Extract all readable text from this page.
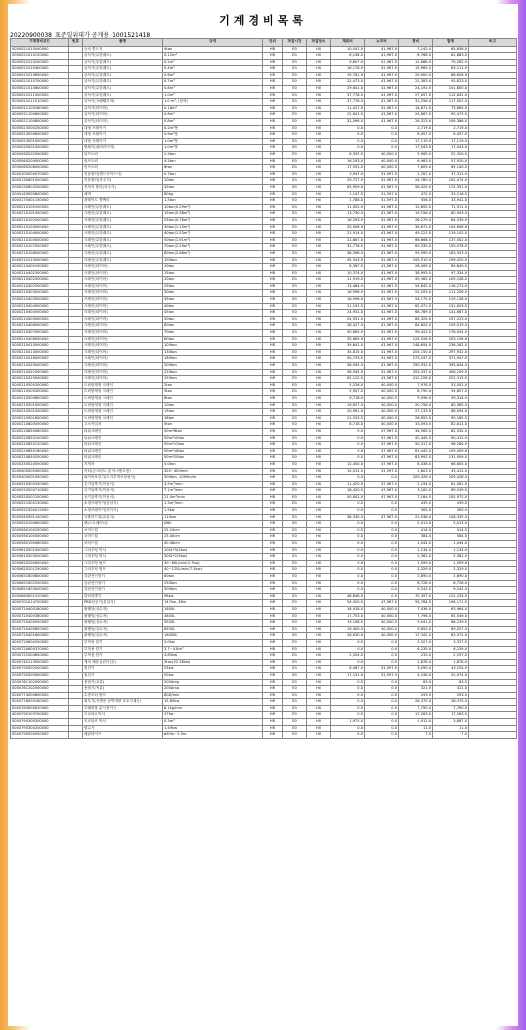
기계경비목록
20220900038_표준일위대가 공개용_1001521418
기계경비코드	번호	품명	규격	단위	작업시간	작업장소	재료비	노무비	경비	합계	비고
0000021010040000		승차 콜드지	4ton	HR	E0	H0	10,547.0	41,967.0	7,142.0	65,656.0	
0000021010120000		굴삭기(무한궤도)	0.12m³	HR	E0	H0	6,148.0	41,967.0	8,768.0	62,883.0	
0000021010200000		굴삭기(무한궤도)	0.2m³	HR	E0	H0	9,607.0	41,967.0	12,688.0	70,262.0	
0000021010400000		굴삭기(무한궤도)	0.4m³	HR	E0	H0	18,178.0	41,967.0	15,965.0	83,111.0	
0000021010600000		굴삭기(무한궤도)	0.6m³	HR	E0	H0	19,761.0	41,967.0	20,900.0	88,628.0	
0000021010700000		굴삭기(무한궤도)	0.7m³	HR	E0	H0	22,473.0	41,967.0	22,383.0	92,823.0	
0000021010800000		굴삭기(무한궤도)	0.8m³	HR	E0	H0	29,641.0	41,967.0	24,192.0	101,800.0	
0000021011000000		굴삭기(무한궤도)	1.0m³	HR	E0	H0	37,778.0	41,967.0	27,097.0	112,842.0	
0000021011010000		굴삭기(크램쉘부착)	1.0 m³, (장착)	HR	E0	H0	37,778.0	41,967.0	31,256.0	117,001.0	
0000021100180000		굴삭기(타이어)	0.18m³	HR	E0	H0	11,027.0	41,967.0	14,671.0	73,665.0	
0000021100600000		굴삭기(타이어)	0.6m³	HR	E0	H0	22,641.0	41,967.0	24,867.0	95,475.0	
0000021100800000		굴삭기(타이어)	0.8m³	HR	E0	H0	32,096.0	41,967.0	28,323.0	106,386.0	
0000023000200000		대형 브레이커	0.2m³용	HR	E0	H0	0.0	0.0	2,719.0	2,719.0	
0000023000600000		대형 브레이커	0.6m³용	HR	E0	H0	0.0	0.0	8,457.0	8,457.0	
0000023001000000		대형 브레이커	1.0m³용	HR	E0	H0	0.0	0.0	17,119.0	17,119.0	
0000025001000000		합쇄기(율버라이저)	1.0m³용	HR	E0	H0	0.0	0.0	17,043.0	17,043.0	
0000060202500000		덤프트럭	2.5ton	HR	E0	H0	6,355.0	40,000.0	5,965.0	52,320.0	
0000060204500000		덤프트럭	4.5ton	HR	E0	H0	16,293.0	40,000.0	6,963.0	57,920.0	
0000060206000000		덤프트럭	6ton	HR	E0	H0	17,531.0	40,000.0	7,609.0	65,140.0	
0000100500070000		진동롤러(핸드가이드식)	0.7ton	HR	E0	H0	3,947.0	31,597.0	1,767.0	37,311.0	
0000130601000000		진동롤러(자주식)	10ton	HR	E0	H0	29,727.0	41,967.0	24,780.0	102,474.0	
0000150603200000		전착식 롤러(자주식)	32ton	HR	E0	H0	65,959.0	41,967.0	58,425.0	172,351.0	
0000163000800000		래머	80kg	HR	E0	H0	1,147.0	31,597.0	472.0	33,216.0	
0000170001150000		플레이트 콤팩터	1.5ton	HR	E0	H0	1,788.0	31,597.0	556.0	33,941.0	
0000210100100000		크레인(무한궤도)	10ton(0.29m³)	HR	E0	H0	11,052.0	41,967.0	12,892.0	71,911.0	
0000210101500000		크레인(무한궤도)	15ton(0.38m³)	HR	E0	H0	13,730.0	41,967.0	19,156.0	80,943.0	
0000210102500000		크레인(무한궤도)	25ton(0.76m³)	HR	E0	H0	18,293.0	41,967.0	26,279.0	84,539.0	
0000210103000000		크레인(무한궤도)	30ton(1.15m³)	HR	E0	H0	20,008.0	41,967.0	36,671.0	104,646.0	
0000210104000000		크레인(무한궤도)	40ton(1.53m³)	HR	E0	H0	21,914.0	41,967.0	49,221.0	119,102.0	
0000210105000000		크레인(무한궤도)	50ton(1.91m³)	HR	E0	H0	22,867.0	41,967.0	66,668.0	137,502.0	
0000210107000000		크레인(무한궤도)	70ton(2.29m³)	HR	E0	H0	32,776.0	41,967.0	69,335.0	150,078.0	
0000210108000000		크레인(무한궤도)	80ton(2.68m³)	HR	E0	H0	36,396.0	41,967.0	95,990.0	183,353.0	
0000210110000000		크레인(무한궤도)	100ton	HR	E0	H0	45,543.0	41,967.0	105,510.0	199,020.0	
0000210400100000		크레인(타이어)	10ton	HR	E0	H0	8,387.0	41,967.0	28,495.0	84,849.0	
0000210401500000		크레인(타이어)	15ton	HR	E0	H0	10,374.0	41,967.0	38,993.0	97,334.0	
0000210402000000		크레인(타이어)	20ton	HR	E0	H0	11,919.0	41,967.0	49,362.0	109,248.0	
0000210402500000		크레인(타이어)	25ton	HR	E0	H0	13,464.0	41,967.0	54,842.0	116,273.0	
0000210403000000		크레인(타이어)	30ton	HR	E0	H0	16,996.0	41,967.0	52,293.0	111,256.0	
0000210403500000		크레인(타이어)	35ton	HR	E0	H0	16,996.0	41,967.0	54,175.0	119,138.0	
0000210404000000		크레인(타이어)	40ton	HR	E0	H0	21,191.0	41,967.0	62,471.0	131,629.0	
0000210404500000		크레인(타이어)	45ton	HR	E0	H0	24,931.0	41,967.0	68,789.0	141,687.0	
0000210405000000		크레인(타이어)	50ton	HR	E0	H0	24,931.0	41,967.0	84,325.0	157,223.0	
0000210406000000		크레인(타이어)	60ton	HR	E0	H0	28,427.0	41,967.0	84,625.0	159,019.0	
0000210407000000		크레인(타이어)	70ton	HR	E0	H0	30,665.0	41,967.0	99,422.0	176,054.0	
0000210408000000		크레인(타이어)	80ton	HR	E0	H0	30,665.0	41,967.0	124,526.0	203,158.0	
0000210410000000		크레인(타이어)	100ton	HR	E0	H0	39,641.0	41,967.0	148,654.0	236,262.0	
0000210413000000		크레인(타이어)	130ton	HR	E0	H0	45,815.0	41,967.0	204,150.0	297,932.0	
0000210416000000		크레인(타이어)	160ton	HR	E0	H0	50,733.0	41,967.0	273,247.0	371,947.0	
0000210420000000		크레인(타이어)	200ton	HR	E0	H0	56,945.0	41,967.0	290,932.0	395,844.0	
0000210422000000		크레인(타이어)	220ton	HR	E0	H0	56,945.0	41,967.0	353,337.0	458,249.0	
0000210425000000		크레인(타이어)	250ton	HR	E0	H0	62,122.0	41,967.0	412,226.0	522,315.0	
0000210500200000		트럭탑재형 크레인	2ton	HR	E0	H0	5,526.0	40,000.0	7,976.0	53,502.0	
0000210500300000		트럭탑재형 크레인	3ton	HR	E0	H0	5,907.0	40,000.0	8,790.0	54,697.0	
0000210500800000		트럭탑재형 크레인	8ton	HR	E0	H0	9,718.0	40,000.0	9,596.0	59,314.0	
0000210501000000		트럭탑재형 크레인	10ton	HR	E0	H0	19,627.0	40,000.0	20,758.0	80,385.0	
0000210501500000		트럭탑재형 크레인	15ton	HR	E0	H0	20,961.0	40,000.0	27,133.0	88,094.0	
0000210501800000		트럭탑재형 크레인	18ton	HR	E0	H0	21,533.0	40,000.0	28,652.0	90,185.0	
0000210800050000		고소작업차	5ton	HR	E0	H0	8,718.0	40,000.0	33,093.0	82,811.0	
0000220850080000		타워크레인	50m*8ton	HR	E0	H0	0.0	47,967.0	34,965.0	82,932.0	
0000220850100000		타워크레인	50m*10ton	HR	E0	H0	0.0	47,967.0	42,445.0	90,412.0	
0000220850120000		타워크레인	50m*12ton	HR	E0	H0	0.0	47,967.0	50,317.0	98,284.0	
0000220850160000		타워크레인	50m*16ton	HR	E0	H0	0.0	47,967.0	61,442.0	109,409.0	
0000220850200000		타워크레인	50m*20ton	HR	E0	H0	0.0	47,967.0	83,992.0	131,959.0	
0000250020050000		지게차	5.0ton	HR	E0	H0	12,400.0	47,967.0	6,438.0	66,805.0	
0000400000400000		커터(콘크리트 및 아스팔트용)	320~400mm	HR	E0	H0	10,012.0	31,597.0	1,803.0	43,412.0	
0000400001050000		와이어쏘잉기(도거부착포함장식)	300ton, 1050m/m	HR	E0	H0	0.0	0.0	209,426.0	209,426.0	
0000520500350000		공기압축기(이동식)	3.5m³/min	HR	E0	H0	11,420.0	47,967.0	2,194.0	61,581.0	
0000520500710000		공기압축기(이동식)	7.1m³/min	HR	E0	H0	18,420.0	47,967.0	3,162.0	69,549.0	
0000520502100000		공기압축기(이동식)	21.0m³/min	HR	E0	H0	50,841.0	47,967.0	7,164.0	105,972.0	
0000521000130000		소형브레이커(공압식)	1.3m³/min	HR	E0	H0	0.0	0.0	439.0	439.0	
0000521500015000		소형브레이커(전기식)	1.5kw	HR	E0	H0	0.0	0.0	305.0	305.0	
0000540501100000		크롤러드릴(유압식)	110kw	HR	E0	H0	36,330.0	47,967.0	22,038.0	106,335.0	
0000550100800000		팬(스트레이너)	Ø80	HR	E0	H0	0.0	0.0	5,013.0	5,013.0	
0000560100250000		코어드릴	25.24cm	HR	E0	H0	0.0	0.0	414.0	414.0	
0000560100400000		코어드릴	25.40cm	HR	E0	H0	0.0	0.0	584.0	584.0	
0000560100460000		코어드릴	40.46cm	HR	E0	H0	0.0	0.0	1,044.0	1,044.0	
0000610501000000		그라우팅 믹서	100L*3(2kw)	HR	E0	H0	0.0	0.0	1,134.0	1,134.0	
0000610503000000		그라우팅 믹서	300L*2(5kw)	HR	E0	H0	0.0	0.0	2,362.0	2,362.0	
0000620200600000		그라우팅 펌프	30~60L/min(3.7kw)	HR	E0	H0	0.0	0.0	1,599.0	1,599.0	
0000620201250000		그라우팅 펌프	40~125L/min(7.5kw)	HR	E0	H0	0.0	0.0	2,329.0	2,329.0	
0000651600800000		강관선인장기	80ton	HR	E0	H0	0.0	0.0	2,890.0	2,890.0	
0000651602500000		강관선인장기	250ton	HR	E0	H0	0.0	0.0	8,728.0	8,728.0	
0000651603000000		강관선인장기	300ton	HR	E0	H0	0.0	0.0	9,242.0	9,242.0	
0000664001310000		항타항발기	98kw	HR	E0	H0	46,846.0	0.0	75,397.0	122,233.0	
0000701014700000		PBD천공기(유압식)	147kw, 38m	HR	E0	H0	54,420.0	47,967.0	93,784.0	196,171.0	
0000720400180000		불랭덤(상수적)	1800L	HR	E0	H0	16,928.0	40,000.0	7,036.0	63,964.0	
0000720400380000		불랭덤(상수적)	3800L	HR	E0	H0	17,753.0	40,000.0	7,796.0	65,549.0	
0000720400550000		불랭덤(상수적)	5500L	HR	E0	H0	19,198.0	40,000.0	9,041.0	68,239.0	
0000720400650000		불랭덤(상수적)	6500L	HR	E0	H0	19,405.0	40,000.0	9,852.0	69,257.0	
0000720401600000		불랭덤(상수적)	16000L	HR	E0	H0	26,630.0	40,000.0	17,342.0	83,972.0	
0000720600200000		부착용 컴기	2.0kw	HR	E0	H0	0.0	0.0	3,327.0	3,327.0	
0000720600370000		부착용 컴기	3.7~4.8m³	HR	E0	H0	0.0	0.0	6,239.0	6,239.0	
0000721004850000		부착용 컴기	4.85kw	HR	E0	H0	2,324.0	0.0	233.0	2,557.0	
0000740113000000		캐치 제동실린더(음)	3ton(22.36kw)	HR	E0	H0	0.0	0.0	1,878.0	1,878.0	
0000750502500000		칠천기	25kw	HR	E0	H0	8,467.0	31,597.0	3,090.0	43,154.0	
0000750505000000		칠천기	50kw	HR	E0	H0	17,131.0	31,597.0	4,246.0	52,974.0	
0000761102000000		용접기(교류)	200Amp	HR	E0	H0	0.0	0.0	83.0	83.0	
0000761202000000		용접기(직류)	200Amp	HR	E0	H0	0.0	0.0	321.0	321.0	
0000774000800000		수중모터 펌프	80Ø/min	HR	E0	H0	0.0	0.0	293.0	293.0	
0000776000160000		회우기(식생용 암벽개량 보호식재등)	15.65kw	HR	E0	H0	0.0	0.0	28,370.0	28,370.0	
0000783000810000		모래탄물 분사용기구	8.1kg/min	HR	E0	H0	0.0	0.0	7,790.0	7,790.0	
0000790103700000		모로타르믹서	37kw	HR	E0	H0	0.0	0.0	17,263.0	17,263.0	
0000790300300000		모르타르 믹서	0.3m³	HR	E0	H0	1,975.0	0.0	1,912.0	3,887.0	
0000795300200000		양수기	1.49kw	HR	E0	H0	0.0	0.0	11.0	11.0	
0000799500050000		배관파이프	ø50m~2.5m	HR	E0	H0	0.0	0.0	7.0	7.0	
